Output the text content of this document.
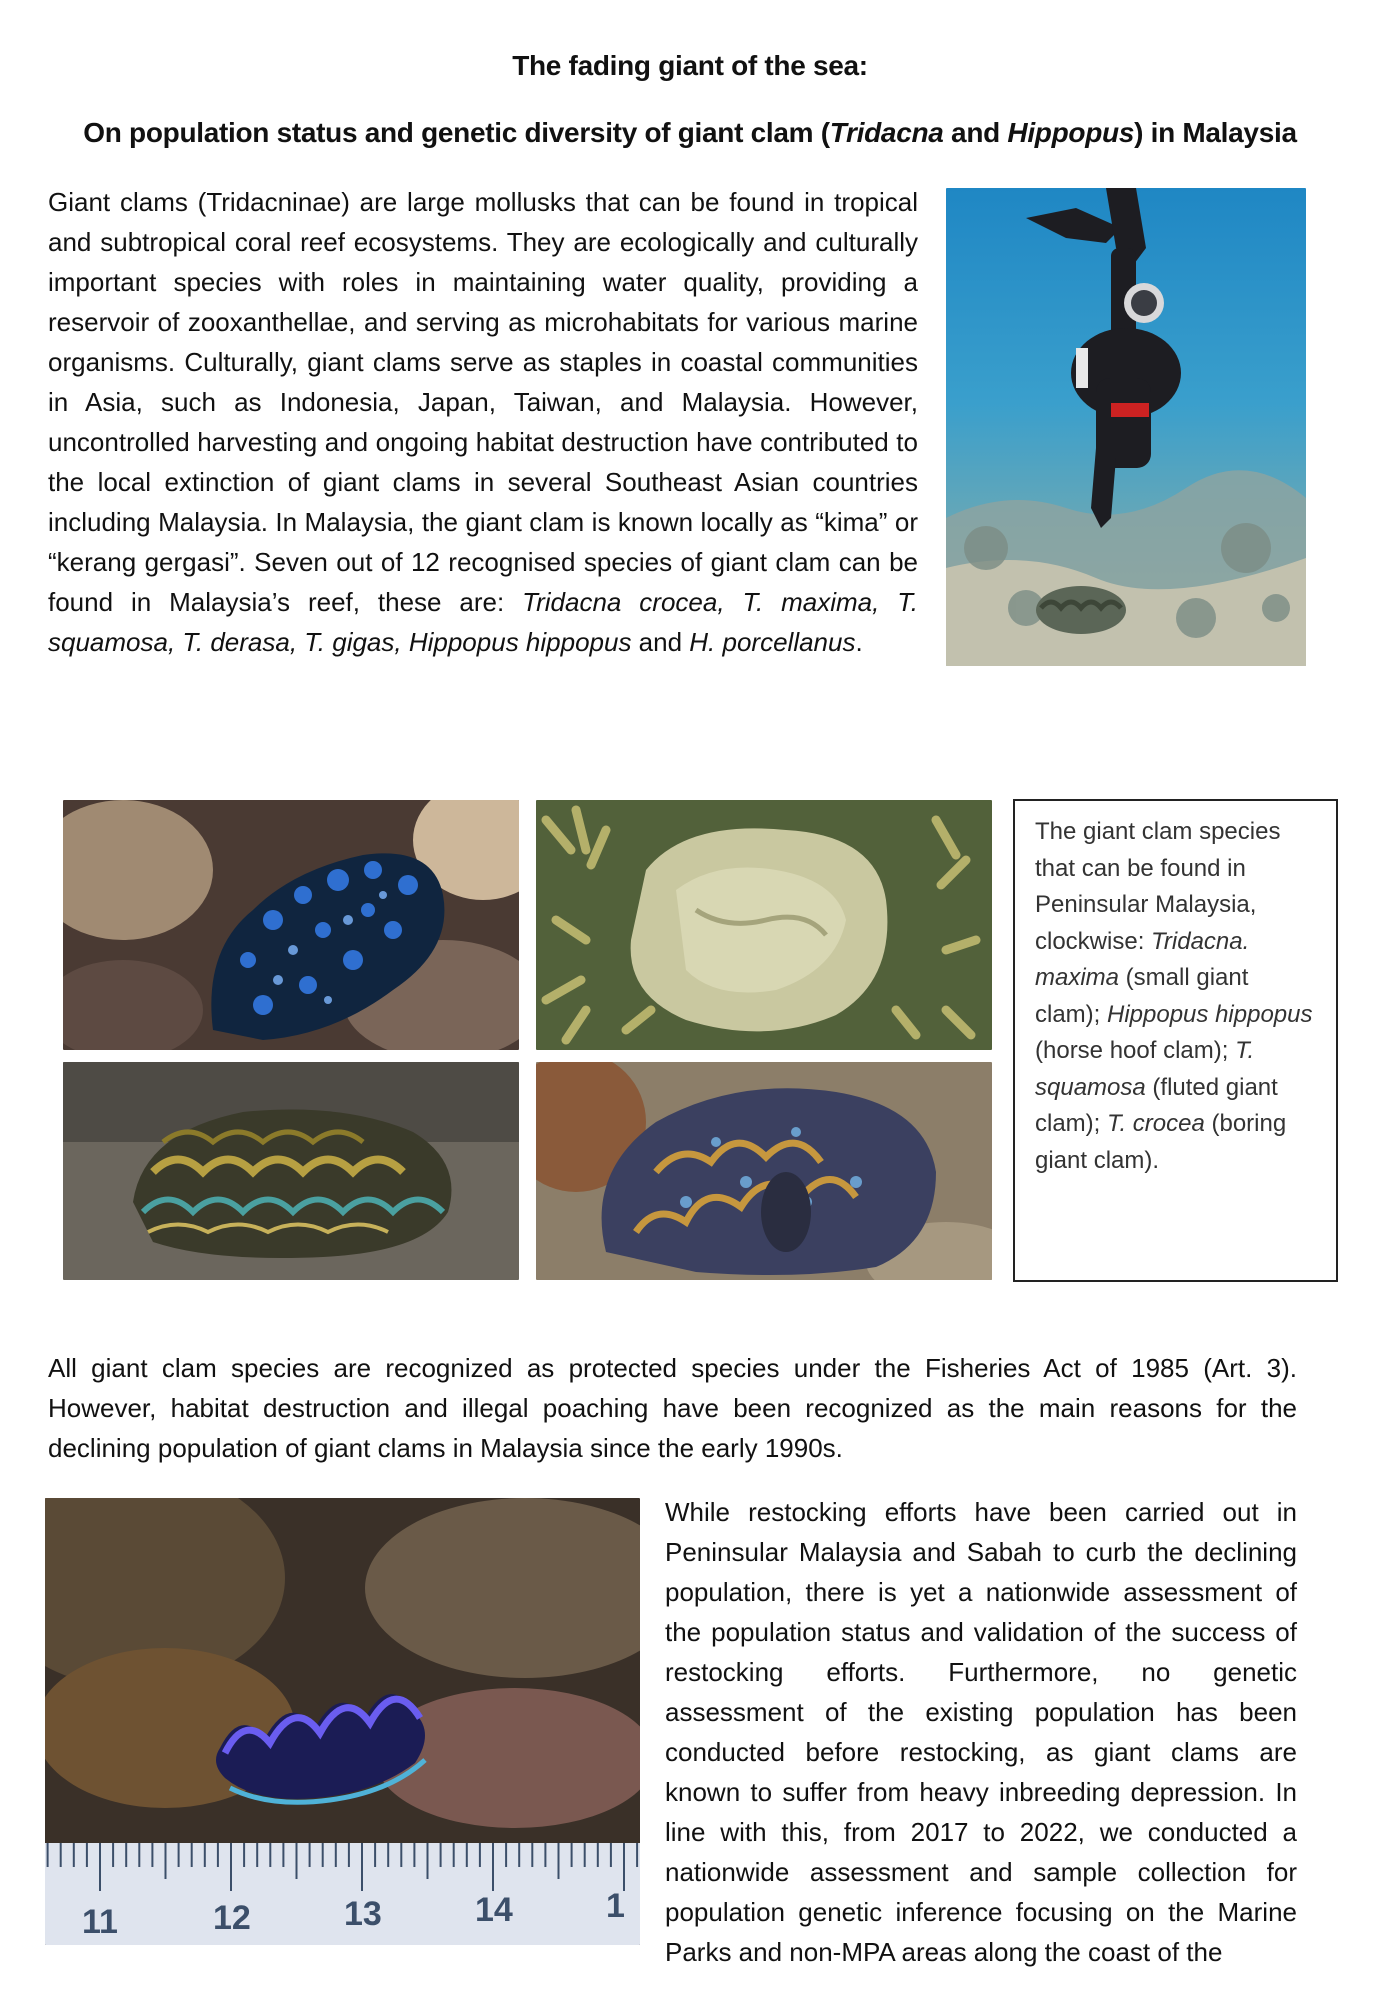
The fading giant of the sea:
On population status and genetic diversity of giant clam (Tridacna and Hippopus) in Malaysia
Giant clams (Tridacninae) are large mollusks that can be found in tropical and subtropical coral reef ecosystems. They are ecologically and culturally important species with roles in maintaining water quality, providing a reservoir of zooxanthellae, and serving as microhabitats for various marine organisms. Culturally, giant clams serve as staples in coastal communities in Asia, such as Indonesia, Japan, Taiwan, and Malaysia. However, uncontrolled harvesting and ongoing habitat destruction have contributed to the local extinction of giant clams in several Southeast Asian countries including Malaysia. In Malaysia, the giant clam is known locally as “kima” or “kerang gergasi”. Seven out of 12 recognised species of giant clam can be found in Malaysia’s reef, these are: Tridacna crocea, T. maxima, T. squamosa, T. derasa, T. gigas, Hippopus hippopus and H. porcellanus.
The giant clam species that can be found in Peninsular Malaysia, clockwise: Tridacna. maxima (small giant clam); Hippopus hippopus (horse hoof clam); T. squamosa (fluted giant clam); T. crocea (boring giant clam).
All giant clam species are recognized as protected species under the Fisheries Act of 1985 (Art. 3). However, habitat destruction and illegal poaching have been recognized as the main reasons for the declining population of giant clams in Malaysia since the early 1990s.
11	12	13	14	1
While restocking efforts have been carried out in Peninsular Malaysia and Sabah to curb the declining population, there is yet a nationwide assessment of the population status and validation of the success of restocking efforts. Furthermore, no genetic assessment of the existing population has been conducted before restocking, as giant clams are known to suffer from heavy inbreeding depression. In line with this, from 2017 to 2022, we conducted a nationwide assessment and sample collection for population genetic inference focusing on the Marine Parks and non-MPA areas along the coast of the
